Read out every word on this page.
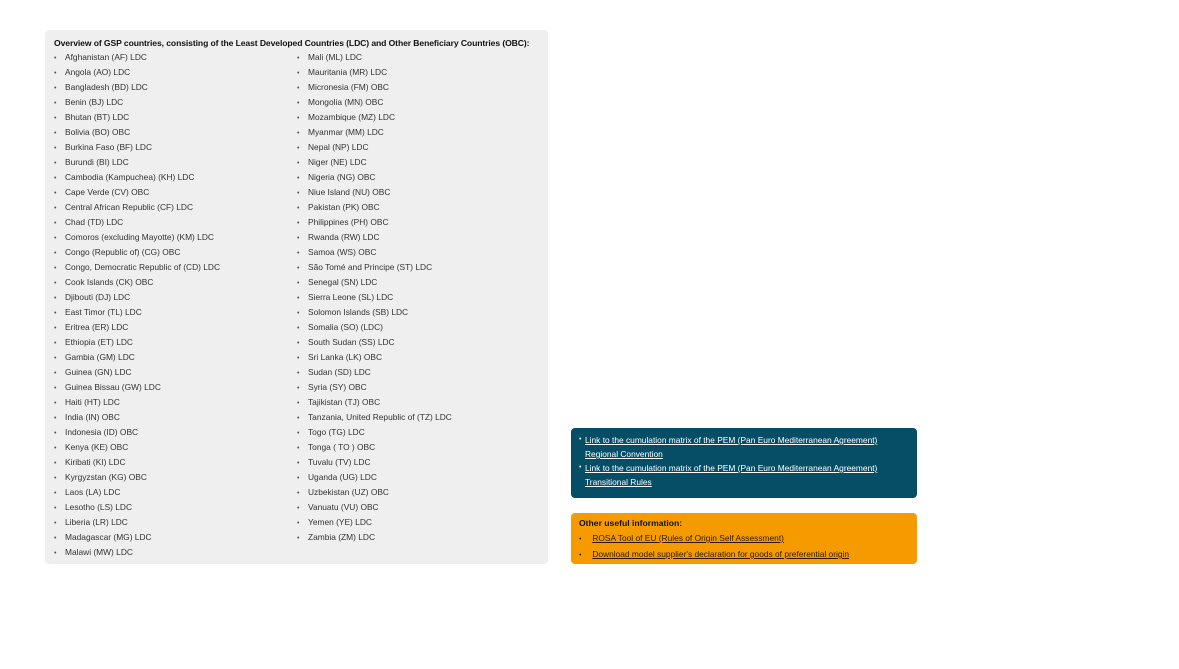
Overview of GSP countries, consisting of the Least Developed Countries (LDC) and Other Beneficiary Countries (OBC):
• Afghanistan (AF) LDC
• Angola (AO) LDC
• Bangladesh (BD) LDC
• Benin (BJ) LDC
• Bhutan (BT) LDC
• Bolivia (BO) OBC
• Burkina Faso (BF) LDC
• Burundi (BI) LDC
• Cambodia (Kampuchea) (KH) LDC
• Cape Verde (CV) OBC
• Central African Republic (CF) LDC
• Chad (TD) LDC
• Comoros (excluding Mayotte) (KM) LDC
• Congo (Republic of) (CG) OBC
• Congo, Democratic Republic of (CD) LDC
• Cook Islands (CK) OBC
• Djibouti (DJ) LDC
• East Timor (TL) LDC
• Eritrea (ER) LDC
• Ethiopia (ET) LDC
• Gambia (GM) LDC
• Guinea (GN) LDC
• Guinea Bissau (GW) LDC
• Haiti (HT) LDC
• India (IN) OBC
• Indonesia (ID) OBC
• Kenya (KE) OBC
• Kiribati (KI) LDC
• Kyrgyzstan (KG) OBC
• Laos (LA) LDC
• Lesotho (LS) LDC
• Liberia (LR) LDC
• Madagascar (MG) LDC
• Malawi (MW) LDC
• Mali (ML) LDC
• Mauritania (MR) LDC
• Micronesia (FM) OBC
• Mongolia (MN) OBC
• Mozambique (MZ) LDC
• Myanmar (MM) LDC
• Nepal (NP) LDC
• Niger (NE) LDC
• Nigeria (NG) OBC
• Niue Island (NU) OBC
• Pakistan (PK) OBC
• Philippines (PH) OBC
• Rwanda (RW) LDC
• Samoa (WS) OBC
• São Tomé and Principe (ST) LDC
• Senegal (SN) LDC
• Sierra Leone (SL) LDC
• Solomon Islands (SB) LDC
• Somalia (SO) (LDC)
• South Sudan (SS) LDC
• Sri Lanka (LK) OBC
• Sudan (SD) LDC
• Syria (SY) OBC
• Tajikistan (TJ) OBC
• Tanzania, United Republic of (TZ) LDC
• Togo (TG) LDC
• Tonga ( TO ) OBC
• Tuvalu (TV) LDC
• Uganda (UG) LDC
• Uzbekistan (UZ) OBC
• Vanuatu (VU) OBC
• Yemen (YE) LDC
• Zambia (ZM) LDC
• Link to the cumulation matrix of the PEM (Pan Euro Mediterranean Agreement) Regional Convention
• Link to the cumulation matrix of the PEM (Pan Euro Mediterranean Agreement) Transitional Rules
Other useful information:
• ROSA Tool of EU (Rules of Origin Self Assessment)
• Download model supplier's declaration for goods of preferential origin
